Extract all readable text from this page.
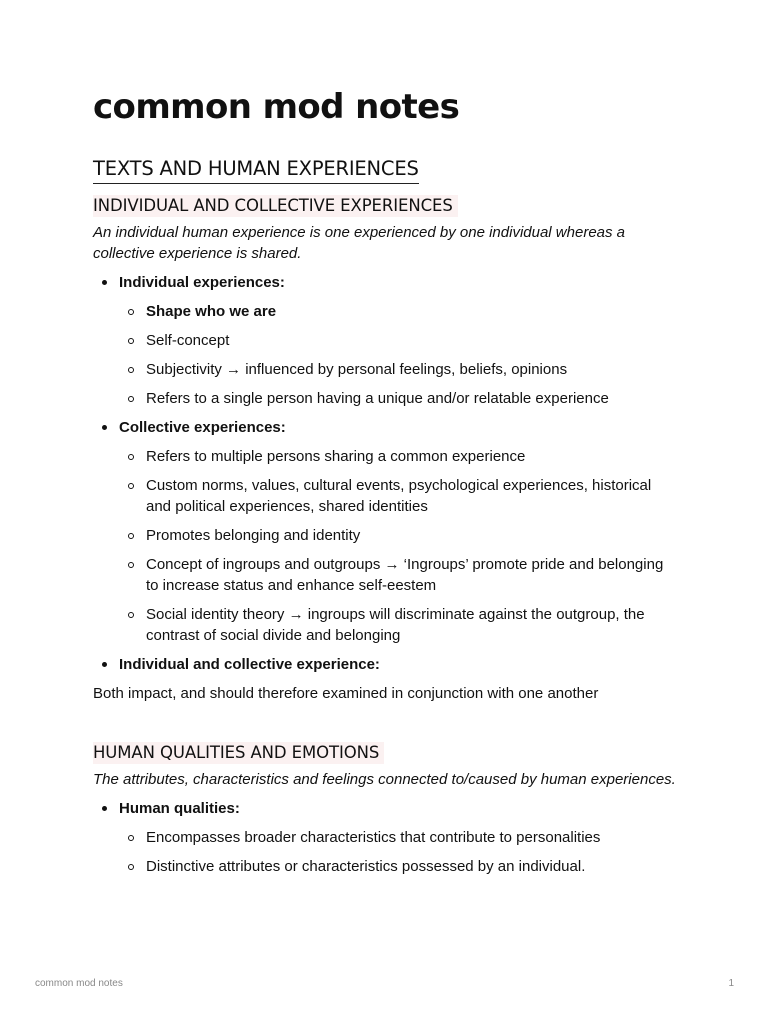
common mod notes
TEXTS AND HUMAN EXPERIENCES
INDIVIDUAL AND COLLECTIVE EXPERIENCES

An individual human experience is one experienced by one individual whereas a collective experience is shared.

Individual experiences:
Shape who we are
Self-concept
Subjectivity → influenced by personal feelings, beliefs, opinions
Refers to a single person having a unique and/or relatable experience
Collective experiences:
Refers to multiple persons sharing a common experience
Custom norms, values, cultural events, psychological experiences, historical and political experiences, shared identities
Promotes belonging and identity
Concept of ingroups and outgroups → ‘Ingroups’ promote pride and belonging to increase status and enhance self-eestem
Social identity theory → ingroups will discriminate against the outgroup, the contrast of social divide and belonging
Individual and collective experience:

Both impact, and should therefore examined in conjunction with one another

HUMAN QUALITIES AND EMOTIONS

The attributes, characteristics and feelings connected to/caused by human experiences.

Human qualities:
Encompasses broader characteristics that contribute to personalities
Distinctive attributes or characteristics possessed by an individual.
common mod notes	1
